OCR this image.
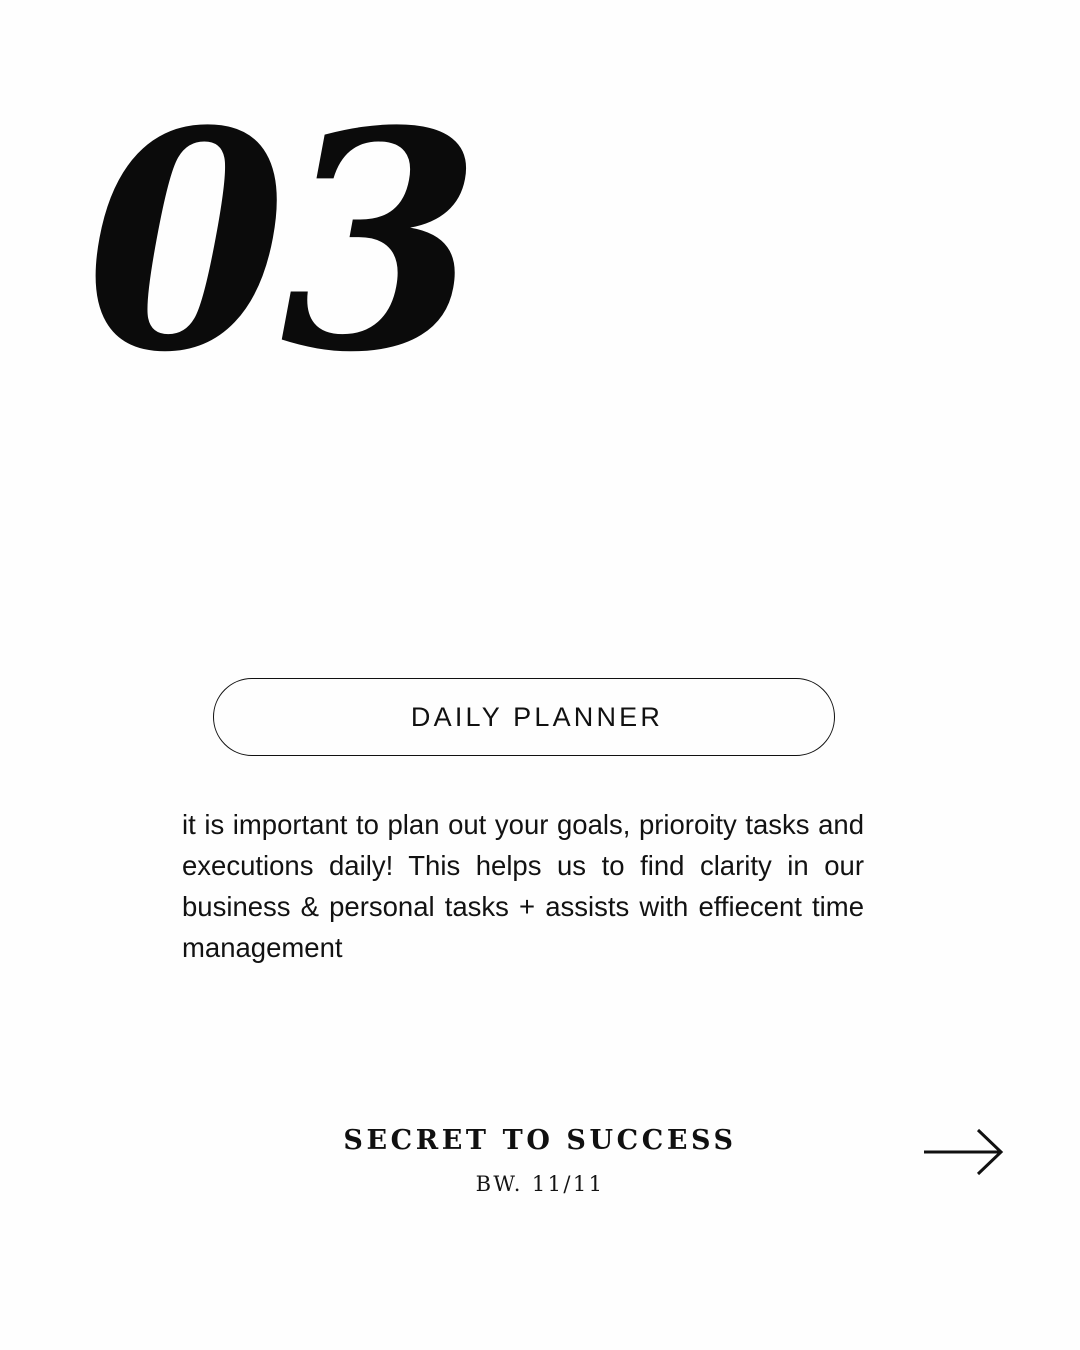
03
DAILY PLANNER

it is important to plan out your goals, prioroity tasks and executions daily! This helps us to find clarity in our business & personal tasks + assists with effiecent time management

SECRET TO SUCCESS
BW. 11/11
